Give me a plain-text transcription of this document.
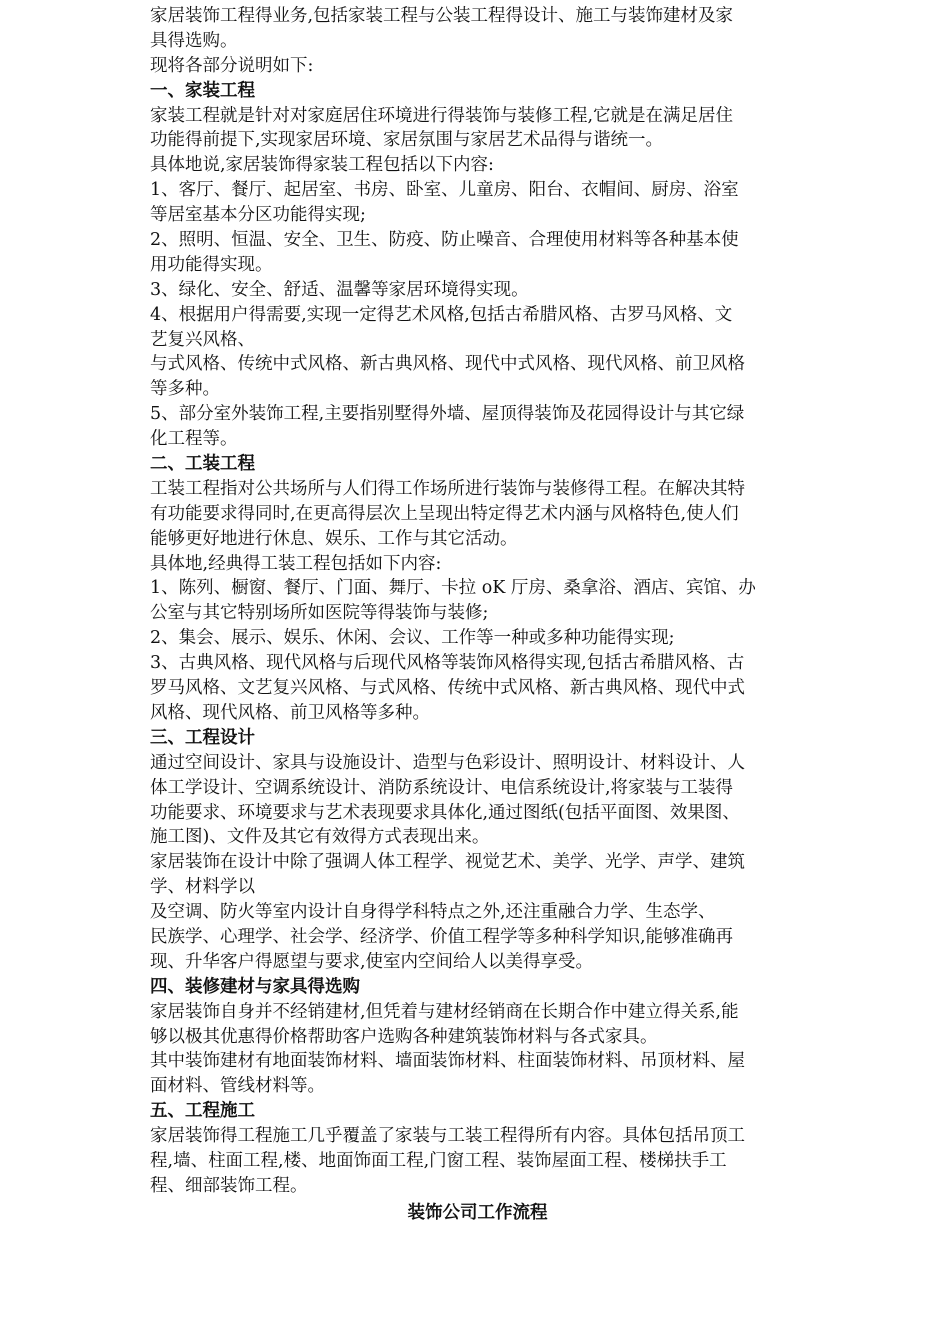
家居装饰工程得业务,包括家装工程与公装工程得设计、施工与装饰建材及家
具得选购。
现将各部分说明如下:
一、家装工程
家装工程就是针对对家庭居住环境进行得装饰与装修工程,它就是在满足居住
功能得前提下,实现家居环境、家居氛围与家居艺术品得与谐统一。
具体地说,家居装饰得家装工程包括以下内容:
1、客厅、餐厅、起居室、书房、卧室、儿童房、阳台、衣帽间、厨房、浴室
等居室基本分区功能得实现;
2、照明、恒温、安全、卫生、防疫、防止噪音、合理使用材料等各种基本使
用功能得实现。
3、绿化、安全、舒适、温馨等家居环境得实现。
4、根据用户得需要,实现一定得艺术风格,包括古希腊风格、古罗马风格、文
艺复兴风格、
与式风格、传统中式风格、新古典风格、现代中式风格、现代风格、前卫风格
等多种。
5、部分室外装饰工程,主要指别墅得外墙、屋顶得装饰及花园得设计与其它绿
化工程等。
二、工装工程
工装工程指对公共场所与人们得工作场所进行装饰与装修得工程。在解决其特
有功能要求得同时,在更高得层次上呈现出特定得艺术内涵与风格特色,使人们
能够更好地进行休息、娱乐、工作与其它活动。
具体地,经典得工装工程包括如下内容:
1、陈列、橱窗、餐厅、门面、舞厅、卡拉 oK 厅房、桑拿浴、酒店、宾馆、办
公室与其它特别场所如医院等得装饰与装修;
2、集会、展示、娱乐、休闲、会议、工作等一种或多种功能得实现;
3、古典风格、现代风格与后现代风格等装饰风格得实现,包括古希腊风格、古
罗马风格、文艺复兴风格、与式风格、传统中式风格、新古典风格、现代中式
风格、现代风格、前卫风格等多种。
三、工程设计
通过空间设计、家具与设施设计、造型与色彩设计、照明设计、材料设计、人
体工学设计、空调系统设计、消防系统设计、电信系统设计,将家装与工装得
功能要求、环境要求与艺术表现要求具体化,通过图纸(包括平面图、效果图、
施工图)、文件及其它有效得方式表现出来。
家居装饰在设计中除了强调人体工程学、视觉艺术、美学、光学、声学、建筑
学、材料学以
及空调、防火等室内设计自身得学科特点之外,还注重融合力学、生态学、
民族学、心理学、社会学、经济学、价值工程学等多种科学知识,能够准确再
现、升华客户得愿望与要求,使室内空间给人以美得享受。
四、装修建材与家具得选购
家居装饰自身并不经销建材,但凭着与建材经销商在长期合作中建立得关系,能
够以极其优惠得价格帮助客户选购各种建筑装饰材料与各式家具。
其中装饰建材有地面装饰材料、墙面装饰材料、柱面装饰材料、吊顶材料、屋
面材料、管线材料等。
五、工程施工
家居装饰得工程施工几乎覆盖了家装与工装工程得所有内容。具体包括吊顶工
程,墙、柱面工程,楼、地面饰面工程,门窗工程、装饰屋面工程、楼梯扶手工
程、细部装饰工程。
装饰公司工作流程
